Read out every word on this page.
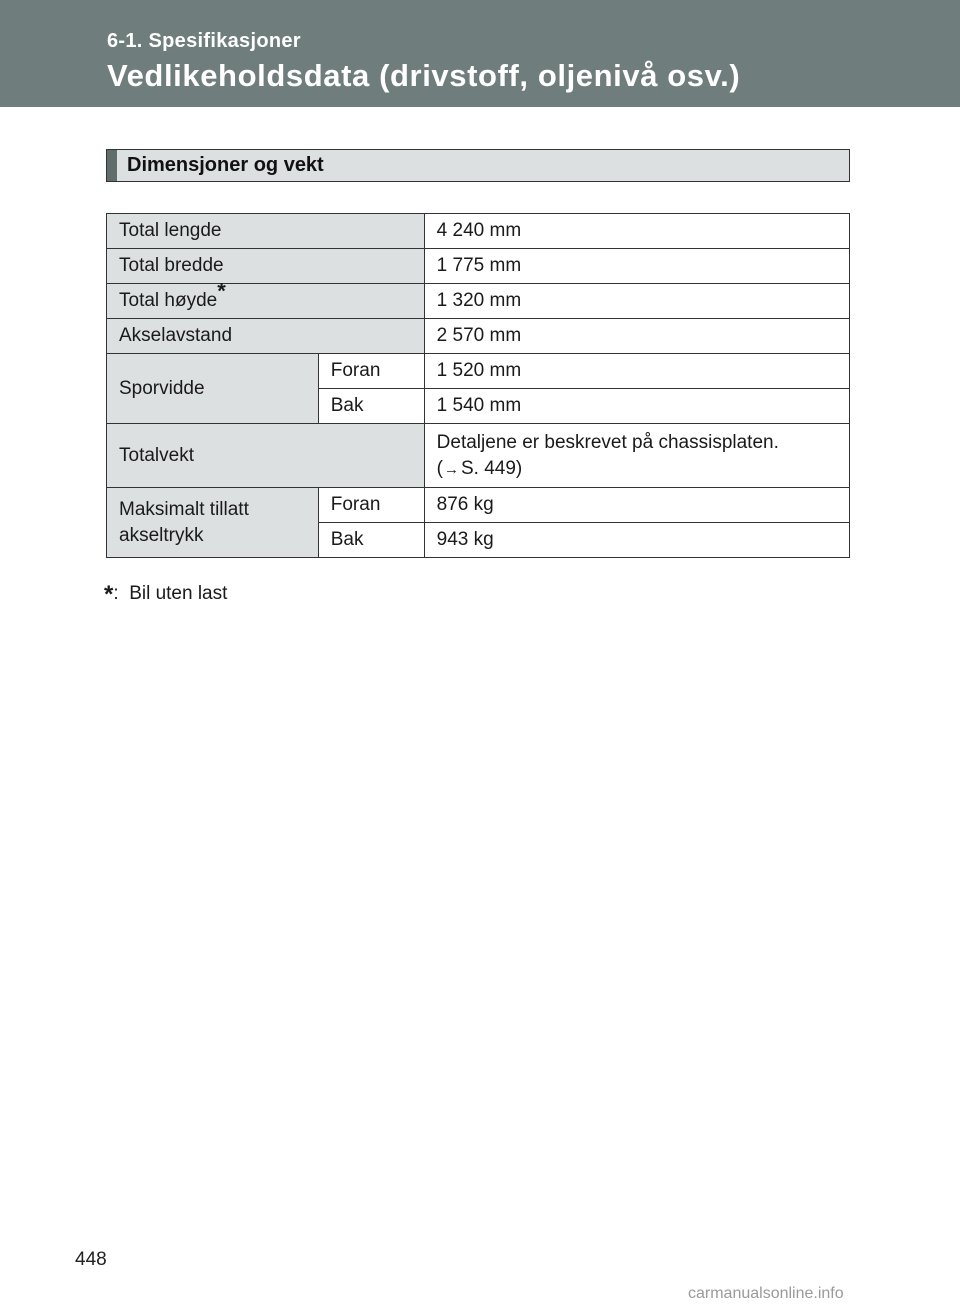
6-1. Spesifikasjoner
Vedlikeholdsdata (drivstoff, oljenivå osv.)
Dimensjoner og vekt
Total lengde		4 240 mm
Total bredde		1 775 mm
Total høyde*		1 320 mm
Akselavstand		2 570 mm
Sporvidde	Foran	1 520 mm
	Bak	1 540 mm
Totalvekt		Detaljene er beskrevet på chassisplaten.
(→ S. 449)

Maksimalt tillatt
akseltrykk	Foran	876 kg
	Bak	943 kg
*: Bil uten last
448
carmanualsonline.info
